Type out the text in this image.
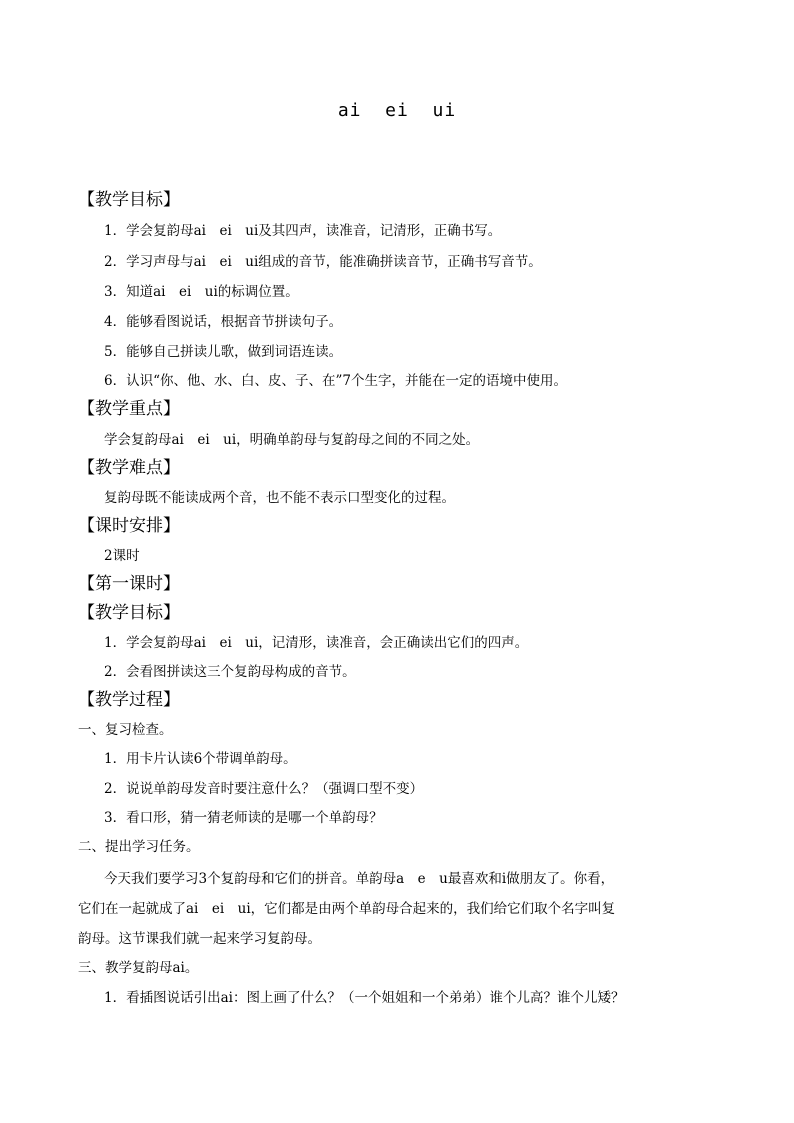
ai  ei  ui
【教学目标】
1．学会复韵母ai　ei　ui及其四声，读准音，记清形，正确书写。
2．学习声母与ai　ei　ui组成的音节，能准确拼读音节，正确书写音节。
3．知道ai　ei　ui的标调位置。
4．能够看图说话，根据音节拼读句子。
5．能够自己拼读儿歌，做到词语连读。
6．认识“你、他、水、白、皮、子、在”7个生字，并能在一定的语境中使用。
【教学重点】
学会复韵母ai　ei　ui，明确单韵母与复韵母之间的不同之处。
【教学难点】
复韵母既不能读成两个音，也不能不表示口型变化的过程。
【课时安排】
2课时
【第一课时】
【教学目标】
1．学会复韵母ai　ei　ui，记清形，读准音，会正确读出它们的四声。
2．会看图拼读这三个复韵母构成的音节。
【教学过程】
一、复习检查。
1．用卡片认读6个带调单韵母。
2．说说单韵母发音时要注意什么？（强调口型不变）
3．看口形，猜一猜老师读的是哪一个单韵母？
二、提出学习任务。
今天我们要学习3个复韵母和它们的拼音。单韵母a　e　u最喜欢和i做朋友了。你看，
它们在一起就成了ai　ei　ui，它们都是由两个单韵母合起来的，我们给它们取个名字叫复
韵母。这节课我们就一起来学习复韵母。
三、教学复韵母ai。
1．看插图说话引出ai：图上画了什么？（一个姐姐和一个弟弟）谁个儿高？谁个儿矮？
